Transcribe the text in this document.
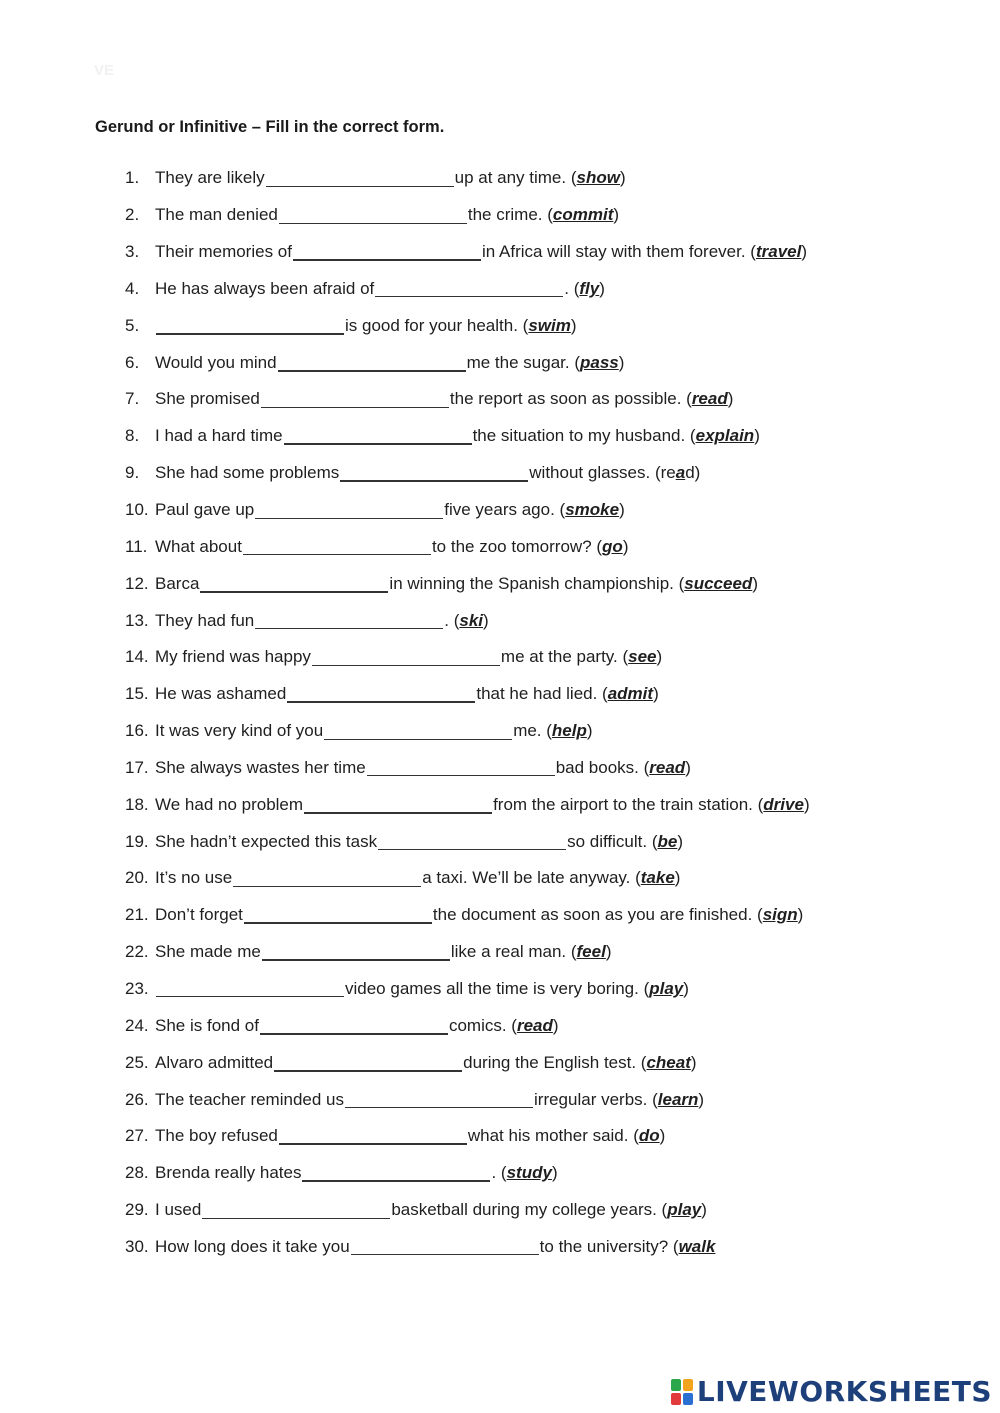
VE
Gerund or Infinitive – Fill in the correct form.
1. They are likely	up at any time. ( show )
2. The man denied	the crime. ( commit )
3. Their memories of	in Africa will stay with them forever. ( travel )
4. He has always been afraid of	. ( fly )
5.	is good for your health. ( swim )
6. Would you mind	me the sugar. ( pass )
7. She promised	the report as soon as possible. ( read )
8. I had a hard time	the situation to my husband. ( explain )
9. She had some problems	without glasses. (re a d)
10. Paul gave up	five years ago. ( smoke )
11. What about	to the zoo tomorrow? ( go )
12. Barca	in winning the Spanish championship. ( succeed )
13. They had fun	. ( ski )
14. My friend was happy	me at the party. ( see )
15. He was ashamed	that he had lied. ( admit )
16. It was very kind of you	me. ( help )
17. She always wastes her time	bad books. ( read )
18. We had no problem	from the airport to the train station. ( drive )
19. She hadn’t expected this task	so difficult. ( be )
20. It’s no use	a taxi. We’ll be late anyway. ( take )
21. Don’t forget	the document as soon as you are finished. ( sign )
22. She made me	like a real man. ( feel )
23.	video games all the time is very boring. ( play )
24. She is fond of	comics. ( read )
25. Alvaro admitted	during the English test. ( cheat )
26. The teacher reminded us	irregular verbs. ( learn )
27. The boy refused	what his mother said. ( do )
28. Brenda really hates	. ( study )
29. I used	basketball during my college years. ( play )
30. How long does it take you	to the university? ( walk
LIVEWORKSHEETS
